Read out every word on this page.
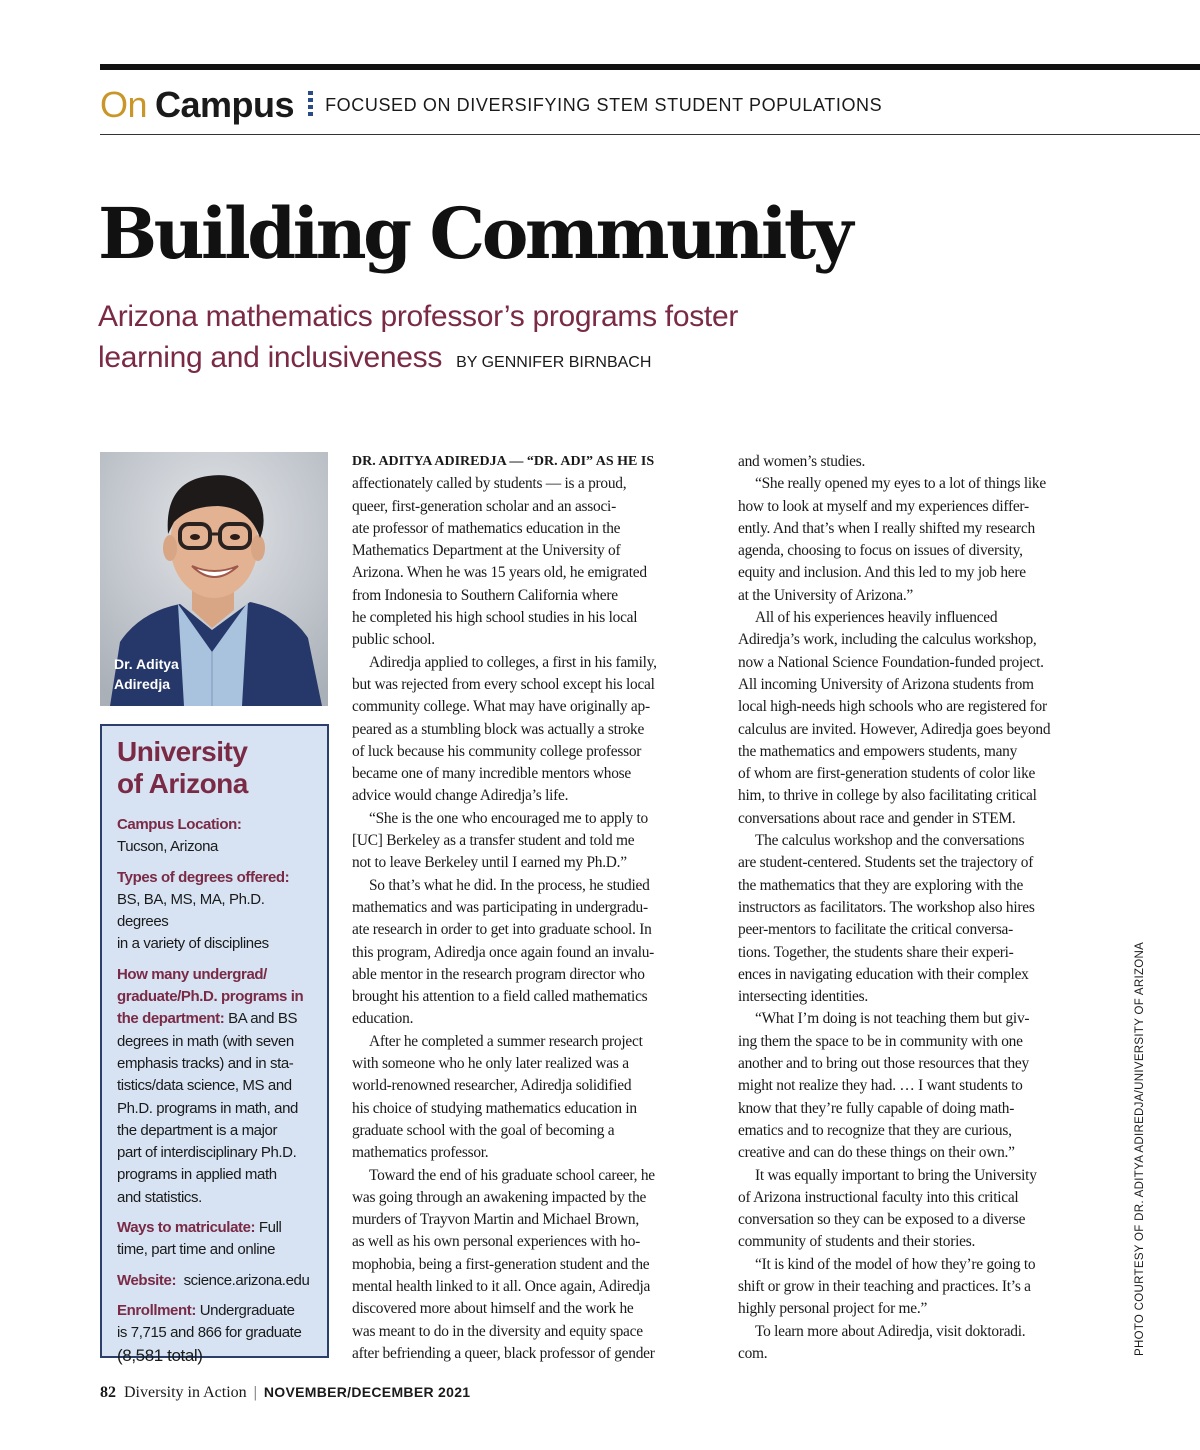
On Campus FOCUSED ON DIVERSIFYING STEM STUDENT POPULATIONS
Building Community
Arizona mathematics professor’s programs foster
learning and inclusiveness BY GENNIFER BIRNBACH
Dr. Aditya
Adiredja
University
of Arizona
Campus Location:
Tucson, Arizona
Types of degrees offered:
BS, BA, MS, MA, Ph.D. degrees
in a variety of disciplines
How many undergrad/
graduate/Ph.D. programs in
the department: BA and BS
degrees in math (with seven
emphasis tracks) and in sta-
tistics/data science, MS and
Ph.D. programs in math, and
the department is a major
part of interdisciplinary Ph.D.
programs in applied math
and statistics.
Ways to matriculate: Full
time, part time and online
Website:  science.arizona.edu
Enrollment: Undergraduate
is 7,715 and 866 for graduate
(8,581 total)
DR. ADITYA ADIREDJA — “DR. ADI” AS HE IS
affectionately called by students — is a proud,
queer, first-generation scholar and an associ-
ate professor of mathematics education in the
Mathematics Department at the University of
Arizona. When he was 15 years old, he emigrated
from Indonesia to Southern California where
he completed his high school studies in his local
public school.
Adiredja applied to colleges, a first in his family,
but was rejected from every school except his local
community college. What may have originally ap-
peared as a stumbling block was actually a stroke
of luck because his community college professor
became one of many incredible mentors whose
advice would change Adiredja’s life.
“She is the one who encouraged me to apply to
[UC] Berkeley as a transfer student and told me
not to leave Berkeley until I earned my Ph.D.”
So that’s what he did. In the process, he studied
mathematics and was participating in undergradu-
ate research in order to get into graduate school. In
this program, Adiredja once again found an invalu-
able mentor in the research program director who
brought his attention to a field called mathematics
education.
After he completed a summer research project
with someone who he only later realized was a
world-renowned researcher, Adiredja solidified
his choice of studying mathematics education in
graduate school with the goal of becoming a
mathematics professor.
Toward the end of his graduate school career, he
was going through an awakening impacted by the
murders of Trayvon Martin and Michael Brown,
as well as his own personal experiences with ho-
mophobia, being a first-generation student and the
mental health linked to it all. Once again, Adiredja
discovered more about himself and the work he
was meant to do in the diversity and equity space
after befriending a queer, black professor of gender
and women’s studies.
“She really opened my eyes to a lot of things like
how to look at myself and my experiences differ-
ently. And that’s when I really shifted my research
agenda, choosing to focus on issues of diversity,
equity and inclusion. And this led to my job here
at the University of Arizona.”
All of his experiences heavily influenced
Adiredja’s work, including the calculus workshop,
now a National Science Foundation-funded project.
All incoming University of Arizona students from
local high-needs high schools who are registered for
calculus are invited. However, Adiredja goes beyond
the mathematics and empowers students, many
of whom are first-generation students of color like
him, to thrive in college by also facilitating critical
conversations about race and gender in STEM.
The calculus workshop and the conversations
are student-centered. Students set the trajectory of
the mathematics that they are exploring with the
instructors as facilitators. The workshop also hires
peer-mentors to facilitate the critical conversa-
tions. Together, the students share their experi-
ences in navigating education with their complex
intersecting identities.
“What I’m doing is not teaching them but giv-
ing them the space to be in community with one
another and to bring out those resources that they
might not realize they had. … I want students to
know that they’re fully capable of doing math-
ematics and to recognize that they are curious,
creative and can do these things on their own.”
It was equally important to bring the University
of Arizona instructional faculty into this critical
conversation so they can be exposed to a diverse
community of students and their stories.
“It is kind of the model of how they’re going to
shift or grow in their teaching and practices. It’s a
highly personal project for me.”
To learn more about Adiredja, visit doktoradi.
com.	PHOTO COURTESY OF DR. ADITYA ADIREDJA/UNIVERSITY OF ARIZONA
82 Diversity in Action | NOVEMBER/DECEMBER 2021
